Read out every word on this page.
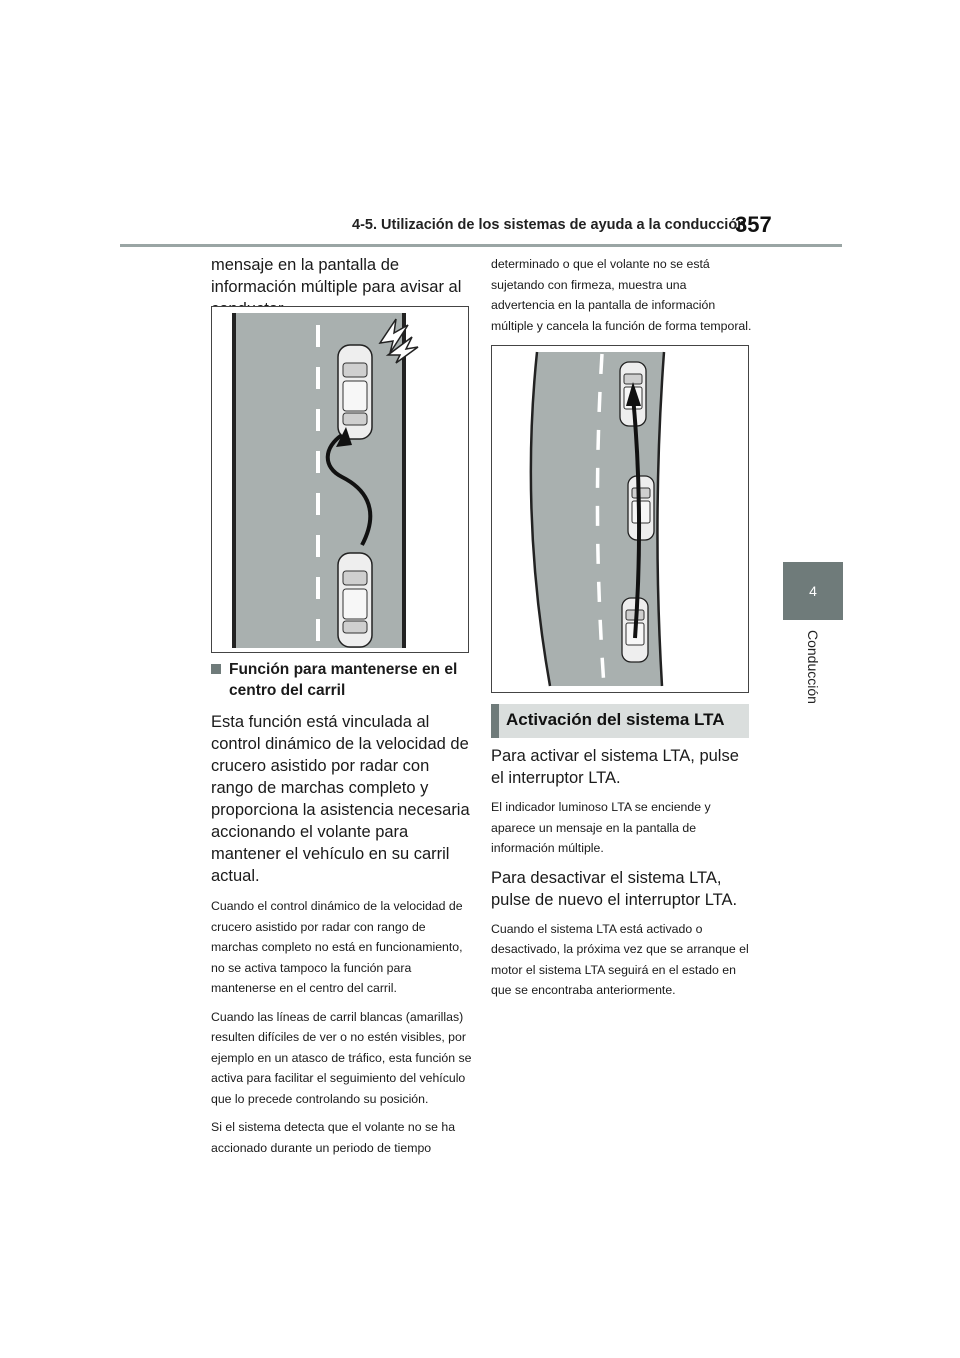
4-5. Utilización de los sistemas de ayuda a la conducción
357
4
Conducción

mensaje en la pantalla de información múltiple para avisar al

Función para mantenerse en el centro del carril

Esta función está vinculada al control dinámico de la velocidad de crucero asistido por radar con rango de marchas completo y proporciona la asistencia necesaria accionando el volante para mantener el vehículo en su carril actual.

Cuando el control dinámico de la velocidad de crucero asistido por radar con rango de marchas completo no está en funcionamiento, no se activa tampoco la función para mantenerse en el centro del carril.

Cuando las líneas de carril blancas (amarillas) resulten difíciles de ver o no estén visibles, por ejemplo en un atasco de tráfico, esta función se activa para facilitar el seguimiento del vehículo que lo precede controlando su posición.

Si el sistema detecta que el volante no se ha accionado durante un periodo de tiempo

determinado o que el volante no se está sujetando con firmeza, muestra una advertencia en la pantalla de información múltiple y cancela la función de forma temporal.

Activación del sistema LTA

Para activar el sistema LTA, pulse el interruptor LTA.

El indicador luminoso LTA se enciende y aparece un mensaje en la pantalla de información múltiple.

Para desactivar el sistema LTA, pulse de nuevo el interruptor LTA.

Cuando el sistema LTA está activado o desactivado, la próxima vez que se arranque el motor el sistema LTA seguirá en el estado en que se encontraba anteriormente.
